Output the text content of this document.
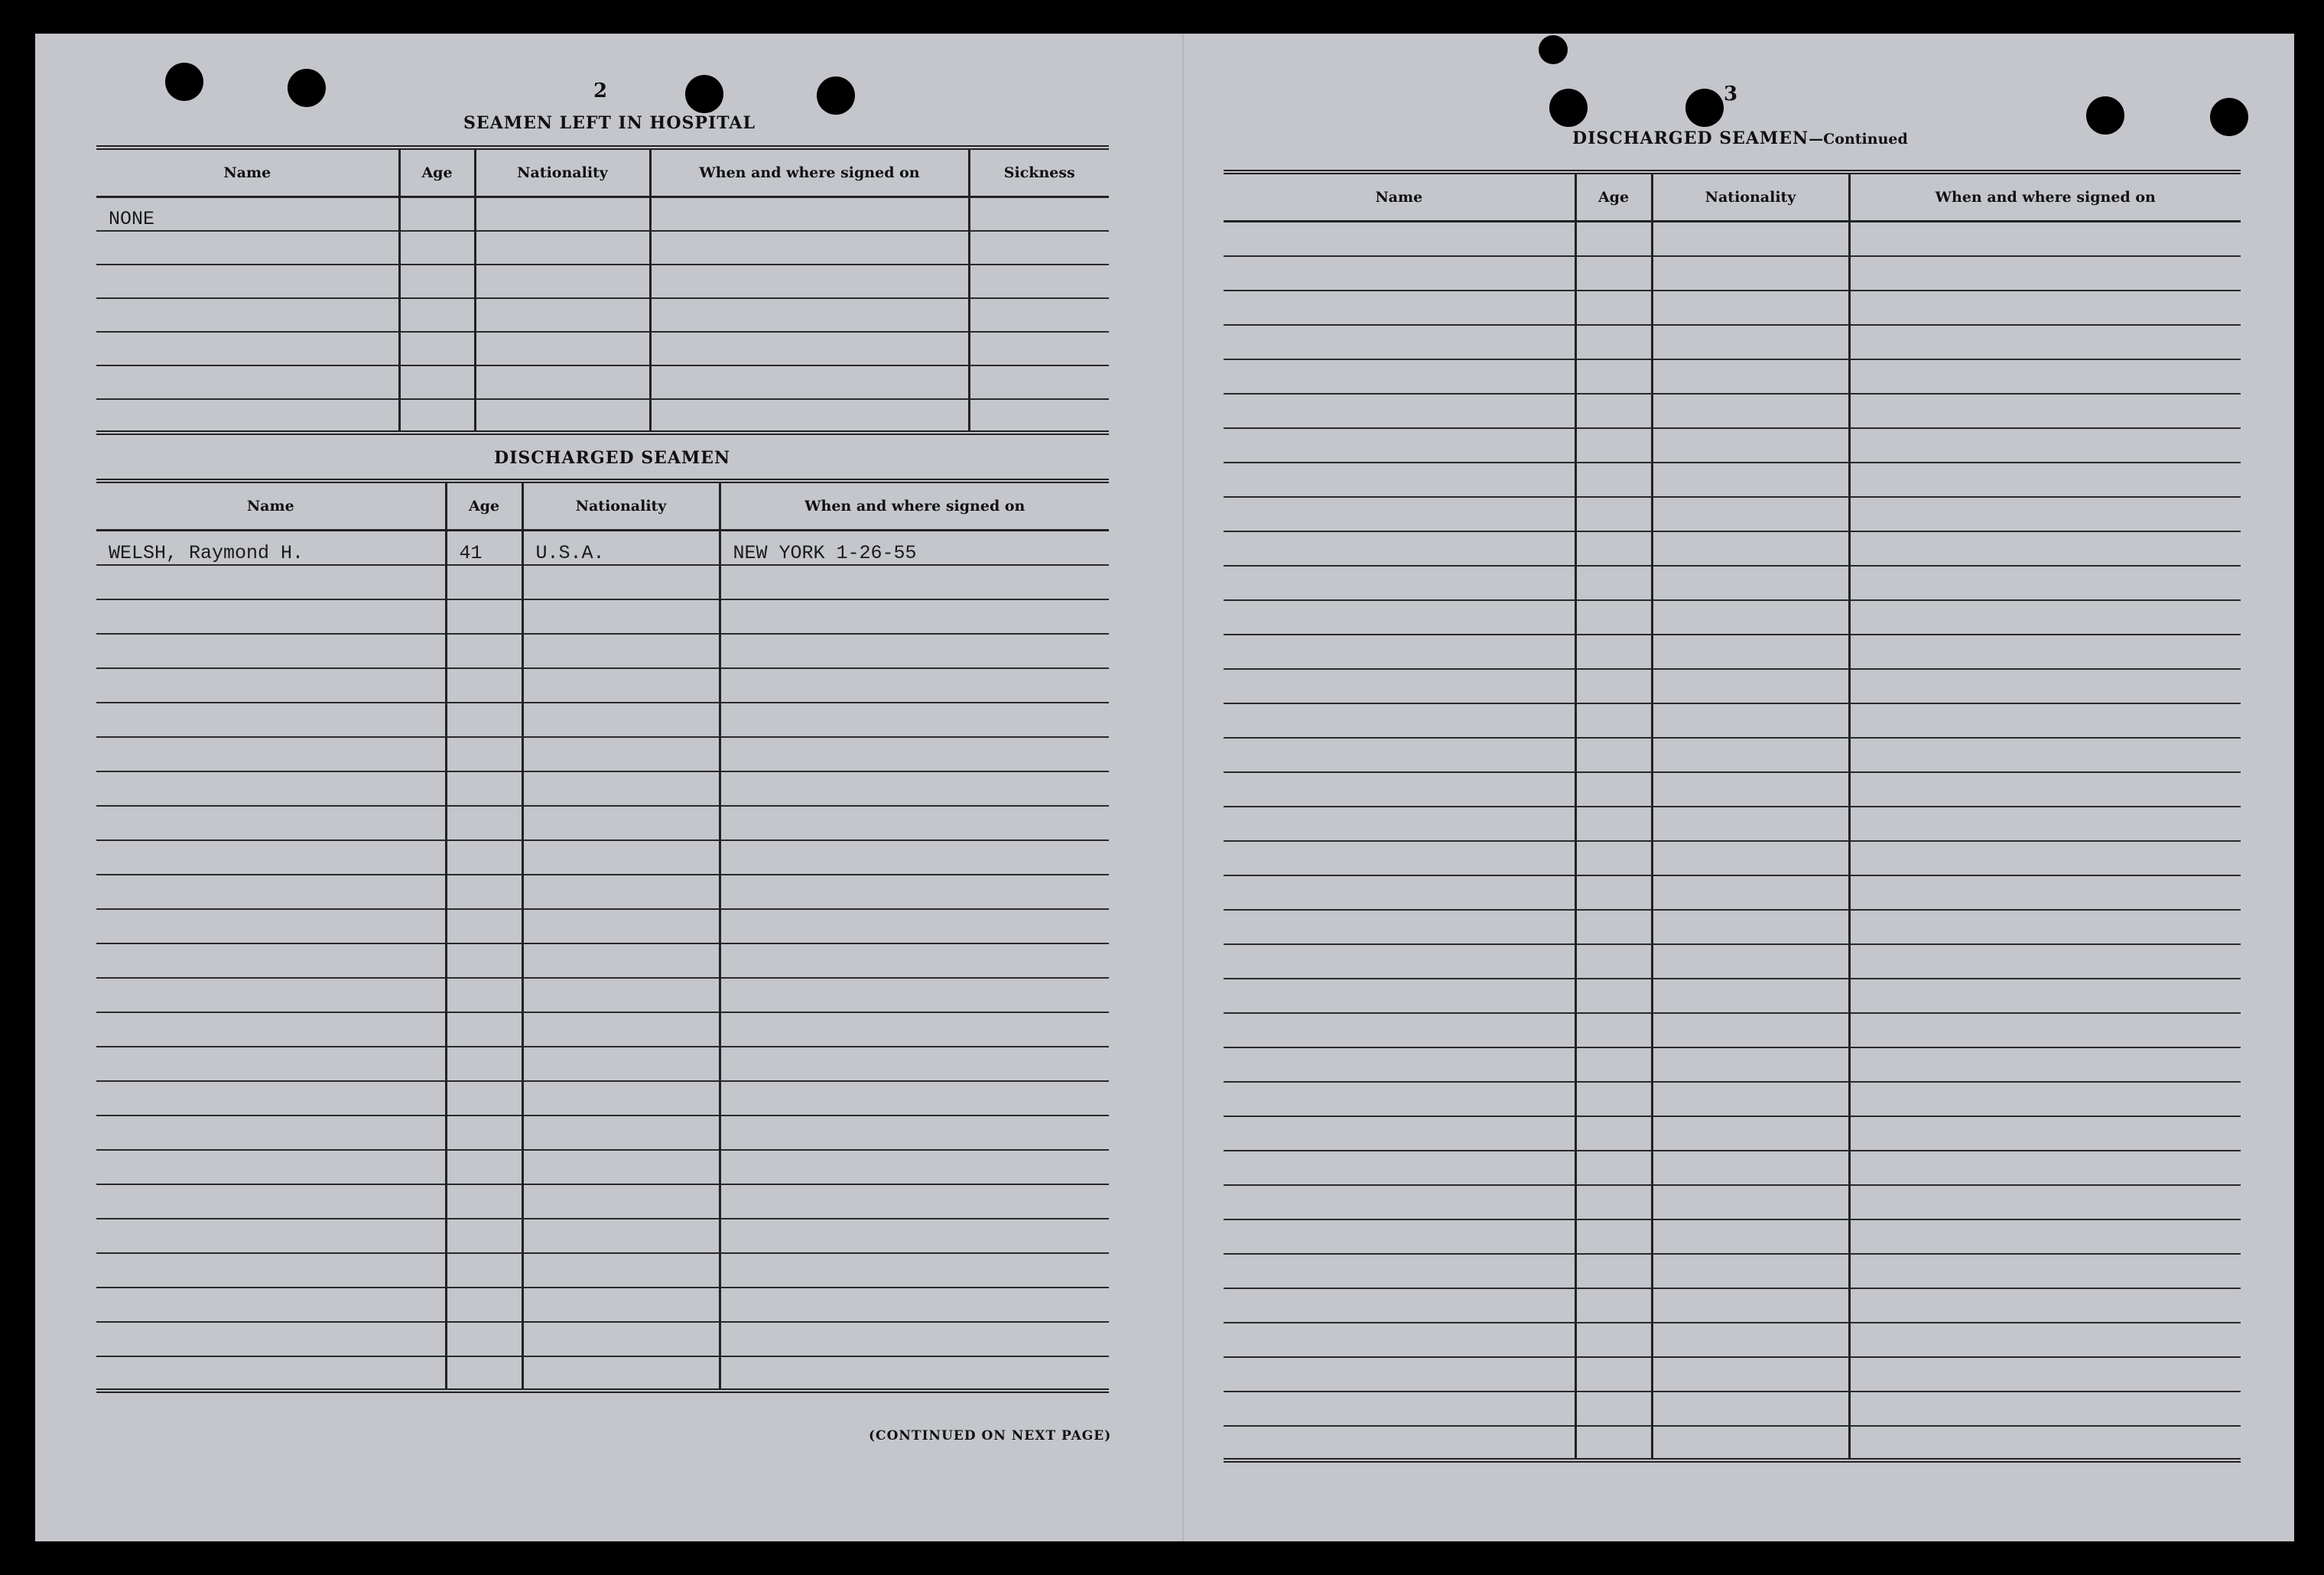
2
SEAMEN LEFT IN HOSPITAL
Name	Age	Nationality	When and where signed on	Sickness
NONE				

DISCHARGED SEAMEN
Name	Age	Nationality	When and where signed on
WELSH, Raymond H.	41	U.S.A.	NEW YORK 1-26-55

(CONTINUED ON NEXT PAGE)
3
DISCHARGED SEAMEN—Continued
Name	Age	Nationality	When and where signed on
